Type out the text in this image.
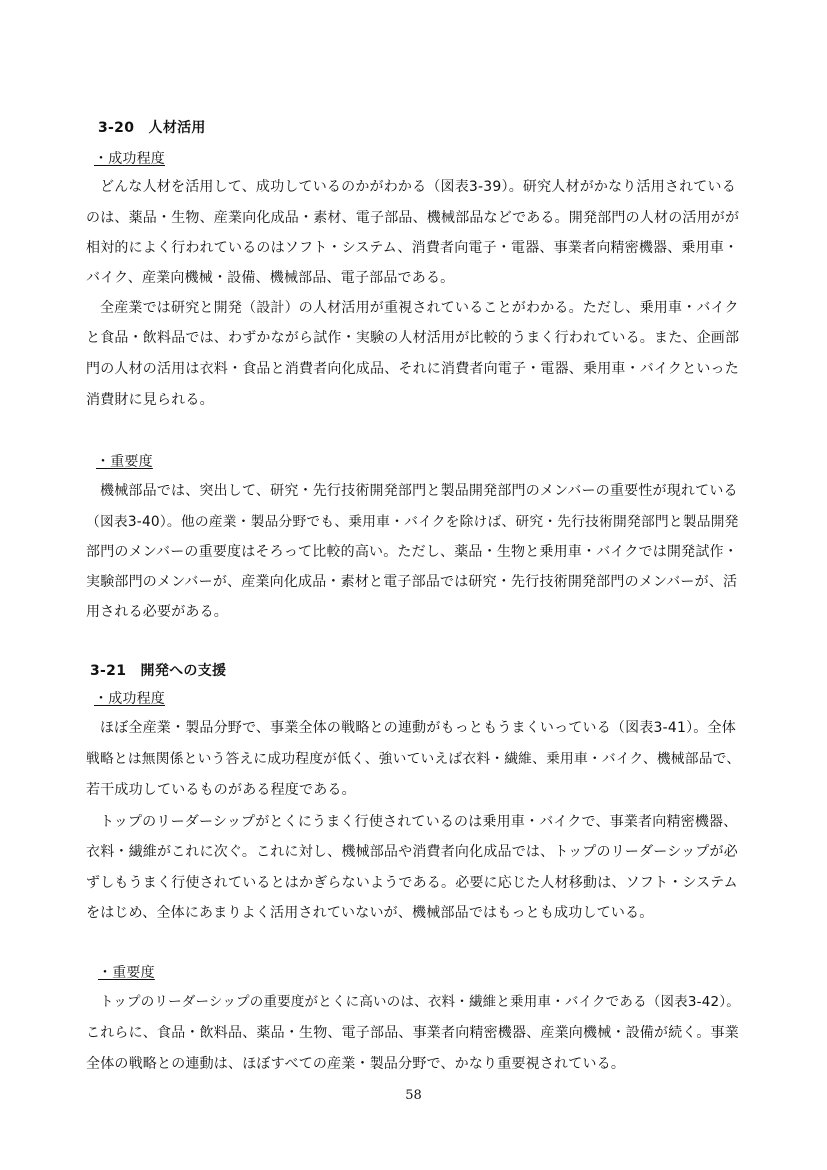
3-20　人材活用
・成功程度
どんな人材を活用して、成功しているのかがわかる（図表3-39）。研究人材がかなり活用されている
のは、薬品・生物、産業向化成品・素材、電子部品、機械部品などである。開発部門の人材の活用がが
相対的によく行われているのはソフト・システム、消費者向電子・電器、事業者向精密機器、乗用車・
バイク、産業向機械・設備、機械部品、電子部品である。
全産業では研究と開発（設計）の人材活用が重視されていることがわかる。ただし、乗用車・バイク
と食品・飲料品では、わずかながら試作・実験の人材活用が比較的うまく行われている。また、企画部
門の人材の活用は衣料・食品と消費者向化成品、それに消費者向電子・電器、乗用車・バイクといった
消費財に見られる。
・重要度
機械部品では、突出して、研究・先行技術開発部門と製品開発部門のメンバーの重要性が現れている
（図表3-40）。他の産業・製品分野でも、乗用車・バイクを除けば、研究・先行技術開発部門と製品開発
部門のメンバーの重要度はそろって比較的高い。ただし、薬品・生物と乗用車・バイクでは開発試作・
実験部門のメンバーが、産業向化成品・素材と電子部品では研究・先行技術開発部門のメンバーが、活
用される必要がある。
3-21　開発への支援
・成功程度
ほぼ全産業・製品分野で、事業全体の戦略との連動がもっともうまくいっている（図表3-41）。全体
戦略とは無関係という答えに成功程度が低く、強いていえば衣料・繊維、乗用車・バイク、機械部品で、
若干成功しているものがある程度である。
トップのリーダーシップがとくにうまく行使されているのは乗用車・バイクで、事業者向精密機器、
衣料・繊維がこれに次ぐ。これに対し、機械部品や消費者向化成品では、トップのリーダーシップが必
ずしもうまく行使されているとはかぎらないようである。必要に応じた人材移動は、ソフト・システム
をはじめ、全体にあまりよく活用されていないが、機械部品ではもっとも成功している。
・重要度
トップのリーダーシップの重要度がとくに高いのは、衣料・繊維と乗用車・バイクである（図表3-42）。
これらに、食品・飲料品、薬品・生物、電子部品、事業者向精密機器、産業向機械・設備が続く。事業
全体の戦略との連動は、ほぼすべての産業・製品分野で、かなり重要視されている。
58
